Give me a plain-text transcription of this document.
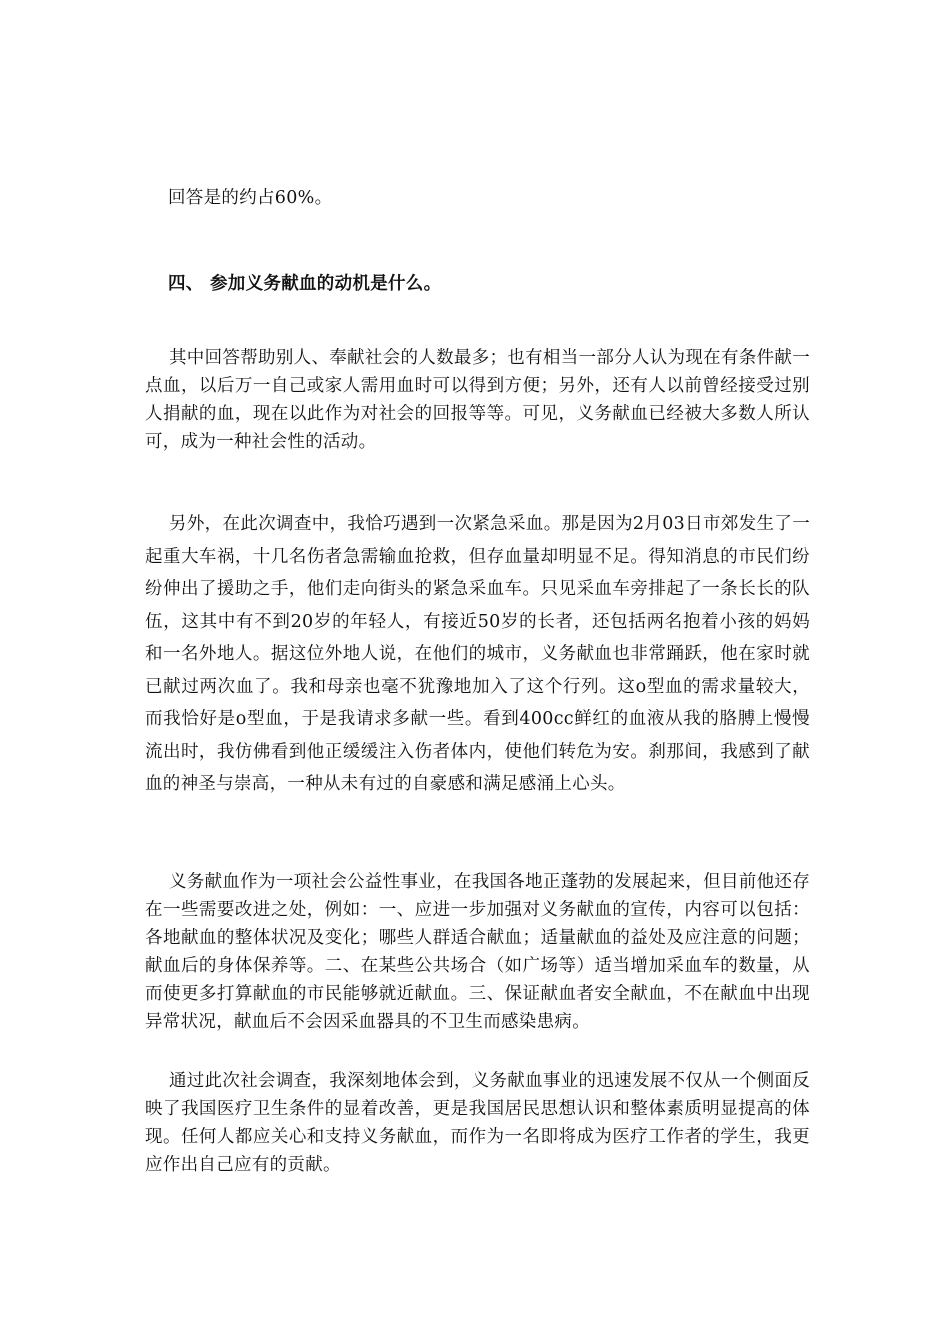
回答是的约占60%。

四、 参加义务献血的动机是什么。

其中回答帮助别人、奉献社会的人数最多；也有相当一部分人认为现在有条件献一点血，以后万一自己或家人需用血时可以得到方便；另外，还有人以前曾经接受过别人捐献的血，现在以此作为对社会的回报等等。可见，义务献血已经被大多数人所认可，成为一种社会性的活动。

另外，在此次调查中，我恰巧遇到一次紧急采血。那是因为2月03日市郊发生了一起重大车祸，十几名伤者急需输血抢救，但存血量却明显不足。得知消息的市民们纷纷伸出了援助之手，他们走向街头的紧急采血车。只见采血车旁排起了一条长长的队伍，这其中有不到20岁的年轻人，有接近50岁的长者，还包括两名抱着小孩的妈妈和一名外地人。据这位外地人说，在他们的城市，义务献血也非常踊跃，他在家时就已献过两次血了。我和母亲也毫不犹豫地加入了这个行列。这o型血的需求量较大，而我恰好是o型血，于是我请求多献一些。看到400cc鲜红的血液从我的胳膊上慢慢流出时，我仿佛看到他正缓缓注入伤者体内，使他们转危为安。刹那间，我感到了献血的神圣与崇高，一种从未有过的自豪感和满足感涌上心头。

义务献血作为一项社会公益性事业，在我国各地正蓬勃的发展起来，但目前他还存在一些需要改进之处，例如：一、应进一步加强对义务献血的宣传，内容可以包括：各地献血的整体状况及变化；哪些人群适合献血；适量献血的益处及应注意的问题；献血后的身体保养等。二、在某些公共场合（如广场等）适当增加采血车的数量，从而使更多打算献血的市民能够就近献血。三、保证献血者安全献血，不在献血中出现异常状况，献血后不会因采血器具的不卫生而感染患病。

通过此次社会调查，我深刻地体会到，义务献血事业的迅速发展不仅从一个侧面反映了我国医疗卫生条件的显着改善，更是我国居民思想认识和整体素质明显提高的体现。任何人都应关心和支持义务献血，而作为一名即将成为医疗工作者的学生，我更应作出自己应有的贡献。
